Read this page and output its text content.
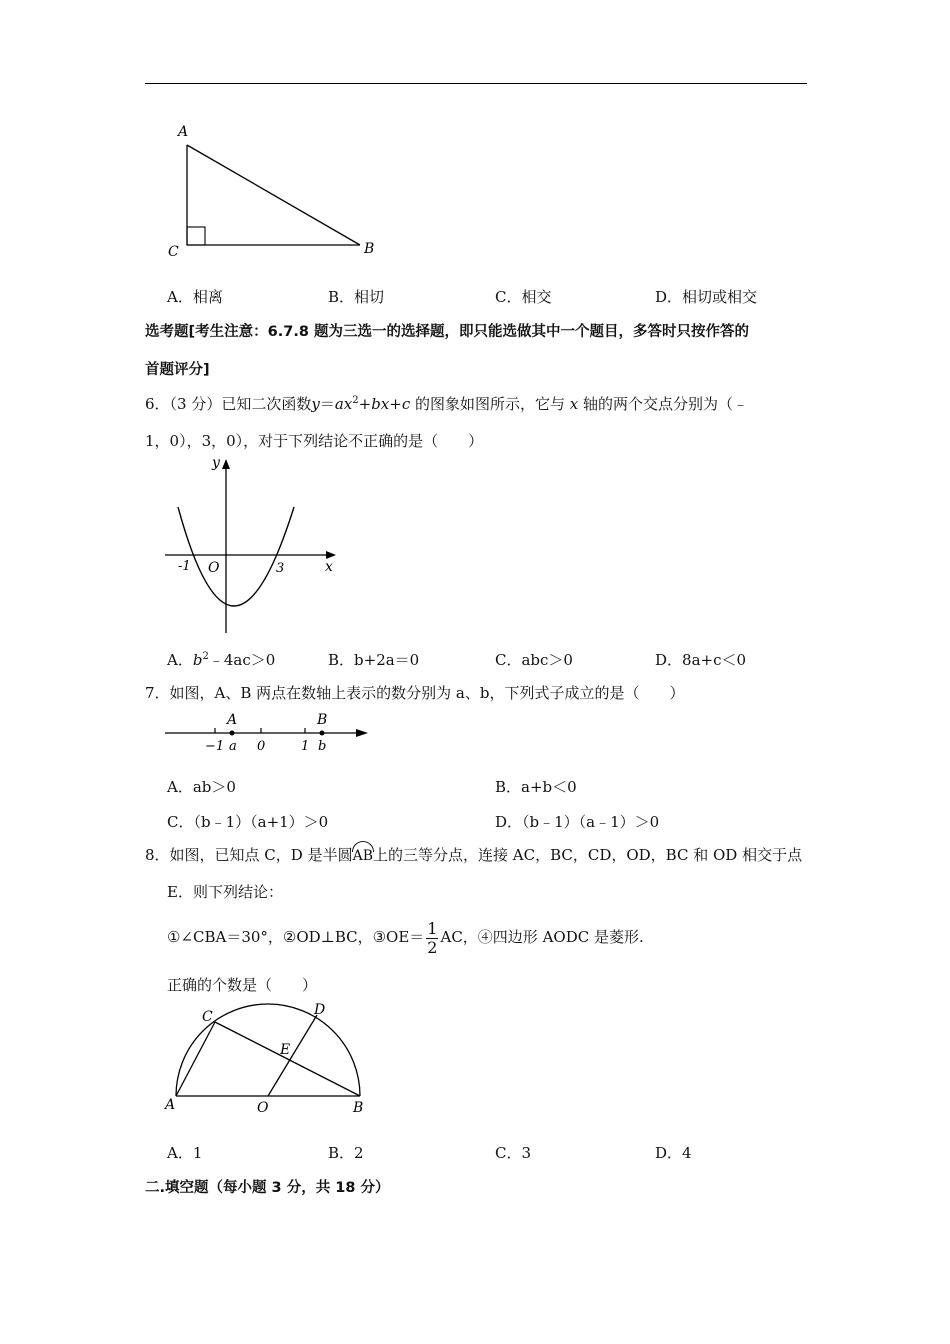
A
C	B
A．相离	B．相切	C．相交	D．相切或相交
选考题[考生注意：6.7.8 题为三选一的选择题，即只能选做其中一个题目，多答时只按作答的
首题评分]
6．（3 分）已知二次函数$y=ax^2+bx+c$ 的图象如图所示，它与 x 轴的两个交点分别为（﹣
1，0），3，0），对于下列结论不正确的是（　　）
y
x
O
-1	3
A．$b^2﹣4ac>0$	B．b+2a＝0	C．abc＞0	D．8a+c＜0
7．如图，A、B 两点在数轴上表示的数分别为 a、b，下列式子成立的是（　　）
A	B
−1 a 0	1 b
A．ab＞0	B．a+b＜0
C．（b﹣1）（a+1）＞0	D．（b﹣1）（a﹣1）＞0
8．如图，已知点 C，D 是半圆AB上的三等分点，连接 AC，BC，CD，OD，BC 和 OD 相交于点
E．则下列结论：
①∠CBA＝30°，②OD⊥BC，③OE＝ $\frac{1}{2}$ AC，④四边形 AODC 是菱形.
正确的个数是（　　）
C	D
E
A	O	B
A．1	B．2	C．3	D．4
二.填空题（每小题 3 分，共 18 分）
